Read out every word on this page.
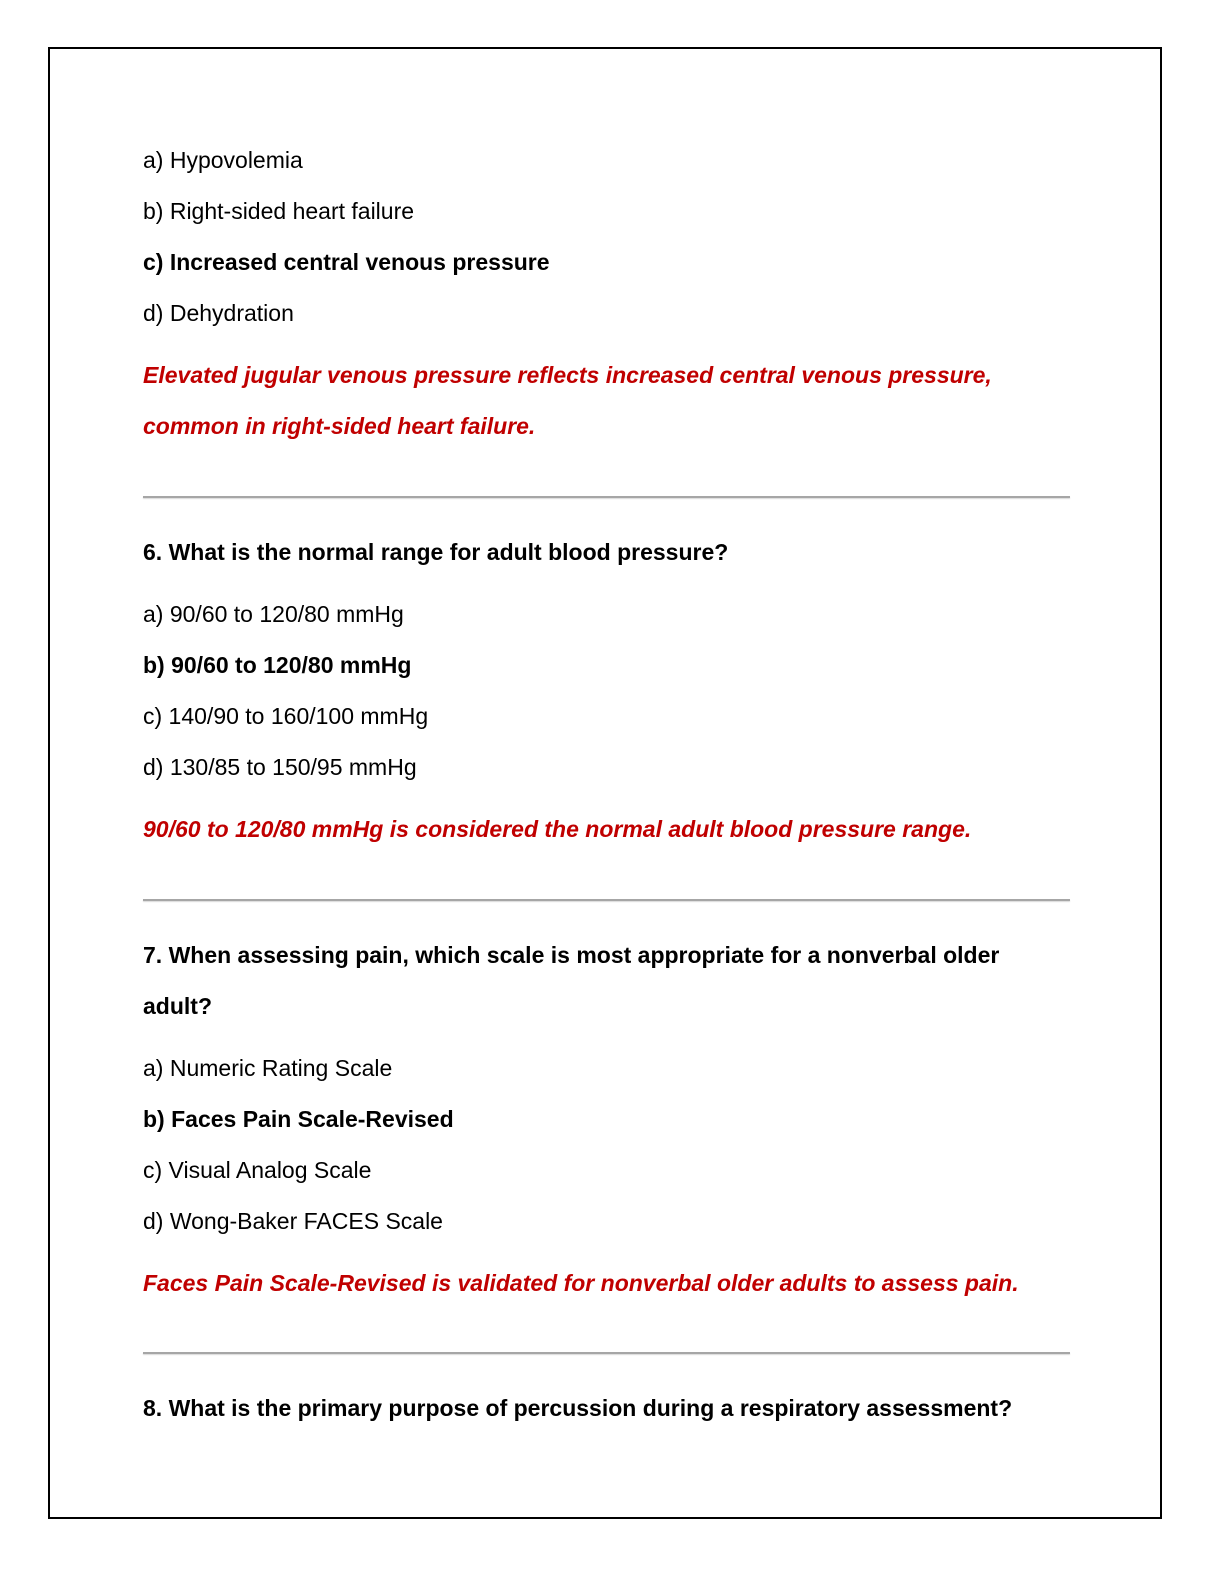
a) Hypovolemia
b) Right-sided heart failure
c) Increased central venous pressure
d) Dehydration
Elevated jugular venous pressure reflects increased central venous pressure,
common in right-sided heart failure.
6. What is the normal range for adult blood pressure?
a) 90/60 to 120/80 mmHg
b) 90/60 to 120/80 mmHg
c) 140/90 to 160/100 mmHg
d) 130/85 to 150/95 mmHg
90/60 to 120/80 mmHg is considered the normal adult blood pressure range.
7. When assessing pain, which scale is most appropriate for a nonverbal older
adult?
a) Numeric Rating Scale
b) Faces Pain Scale-Revised
c) Visual Analog Scale
d) Wong-Baker FACES Scale
Faces Pain Scale-Revised is validated for nonverbal older adults to assess pain.
8. What is the primary purpose of percussion during a respiratory assessment?
